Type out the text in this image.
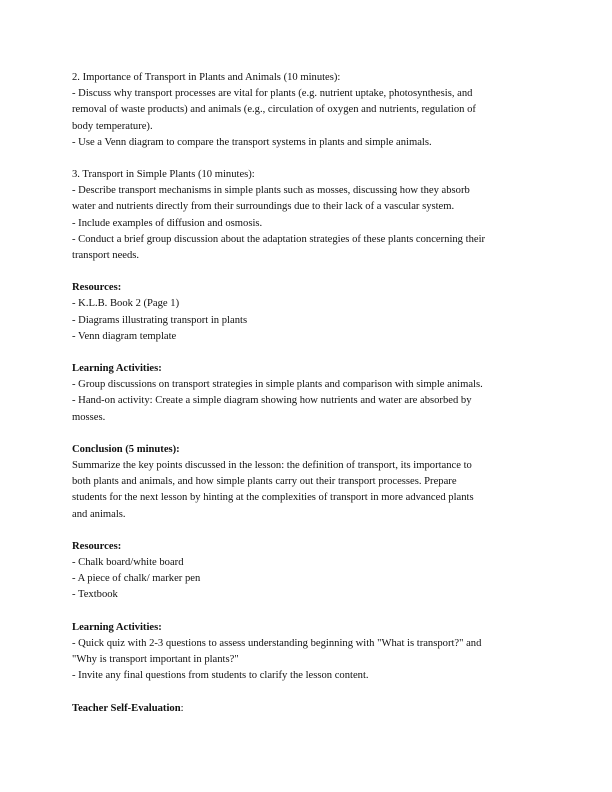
2. Importance of Transport in Plants and Animals (10 minutes):
- Discuss why transport processes are vital for plants (e.g. nutrient uptake, photosynthesis, and
removal of waste products) and animals (e.g., circulation of oxygen and nutrients, regulation of
body temperature).
- Use a Venn diagram to compare the transport systems in plants and simple animals.
3. Transport in Simple Plants (10 minutes):
- Describe transport mechanisms in simple plants such as mosses, discussing how they absorb
water and nutrients directly from their surroundings due to their lack of a vascular system.
- Include examples of diffusion and osmosis.
- Conduct a brief group discussion about the adaptation strategies of these plants concerning their
transport needs.
Resources:
- K.L.B. Book 2 (Page 1)
- Diagrams illustrating transport in plants
- Venn diagram template
Learning Activities:
- Group discussions on transport strategies in simple plants and comparison with simple animals.
- Hand-on activity: Create a simple diagram showing how nutrients and water are absorbed by
mosses.
Conclusion (5 minutes):
Summarize the key points discussed in the lesson: the definition of transport, its importance to
both plants and animals, and how simple plants carry out their transport processes. Prepare
students for the next lesson by hinting at the complexities of transport in more advanced plants
and animals.
Resources:
- Chalk board/white board
- A piece of chalk/ marker pen
- Textbook
Learning Activities:
- Quick quiz with 2-3 questions to assess understanding beginning with "What is transport?" and
"Why is transport important in plants?"
- Invite any final questions from students to clarify the lesson content.
Teacher Self-Evaluation:
